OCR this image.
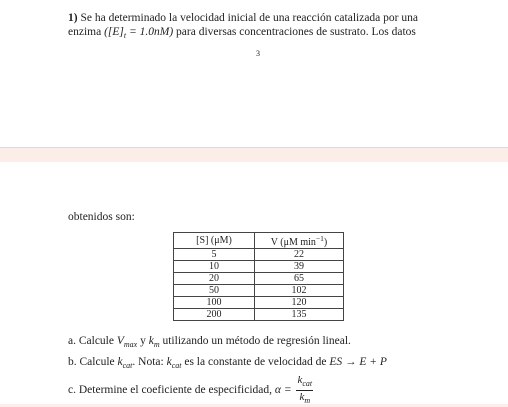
1) Se ha determinado la velocidad inicial de una reacción catalizada por una
enzima $([E]_t = 1.0nM)$ para diversas concentraciones de sustrato. Los datos
3
obtenidos son:
[S] (μM)	V (μM $\min^{-1}$)
5	22
10	39
20	65
50	102
100	120
200	135
a. Calcule $V_{max}$ y $k_m$ utilizando un método de regresión lineal.
b. Calcule $k_{cat}$. Nota: $k_{cat}$ es la constante de velocidad de ES → E + P
c. Determine el coeficiente de especificidad, $\alpha = \frac{k_{cat}}{k_m}$
